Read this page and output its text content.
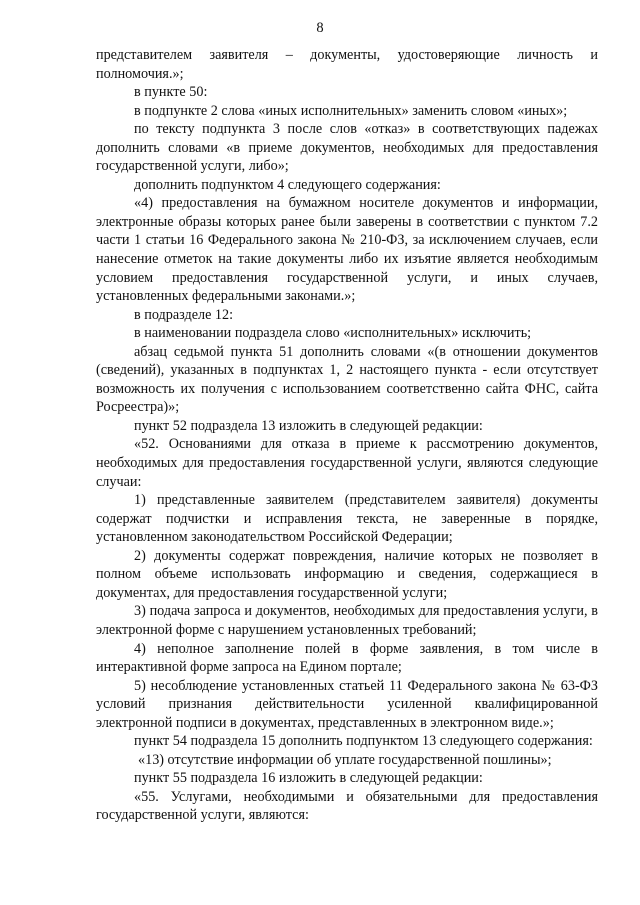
8

представителем заявителя – документы, удостоверяющие личность и полномочия.»;

в пункте 50:

в подпункте 2 слова «иных исполнительных» заменить словом «иных»;

по тексту подпункта 3 после слов «отказ» в соответствующих падежах дополнить словами «в приеме документов, необходимых для предоставления государственной услуги, либо»;

дополнить подпунктом 4 следующего содержания:

«4) предоставления на бумажном носителе документов и информации, электронные образы которых ранее были заверены в соответствии с пунктом 7.2 части 1 статьи 16 Федерального закона № 210-ФЗ, за исключением случаев, если нанесение отметок на такие документы либо их изъятие является необходимым условием предоставления государственной услуги, и иных случаев, установленных федеральными законами.»;

в подразделе 12:

в наименовании подраздела слово «исполнительных» исключить;

абзац седьмой пункта 51 дополнить словами «(в отношении документов (сведений), указанных в подпунктах 1, 2 настоящего пункта - если отсутствует возможность их получения с использованием соответственно сайта ФНС, сайта Росреестра)»;

пункт 52 подраздела 13 изложить в следующей редакции:

«52. Основаниями для отказа в приеме к рассмотрению документов, необходимых для предоставления государственной услуги, являются следующие случаи:

1) представленные заявителем (представителем заявителя) документы содержат подчистки и исправления текста, не заверенные в порядке, установленном законодательством Российской Федерации;

2) документы содержат повреждения, наличие которых не позволяет в полном объеме использовать информацию и сведения, содержащиеся в документах, для предоставления государственной услуги;

3) подача запроса и документов, необходимых для предоставления услуги, в электронной форме с нарушением установленных требований;

4) неполное заполнение полей в форме заявления, в том числе в интерактивной форме запроса на Едином портале;

5) несоблюдение установленных статьей 11 Федерального закона № 63-ФЗ условий признания действительности усиленной квалифицированной электронной подписи в документах, представленных в электронном виде.»;

пункт 54 подраздела 15 дополнить подпунктом 13 следующего содержания:

«13) отсутствие информации об уплате государственной пошлины»;

пункт 55 подраздела 16 изложить в следующей редакции:

«55. Услугами, необходимыми и обязательными для предоставления государственной услуги, являются:
